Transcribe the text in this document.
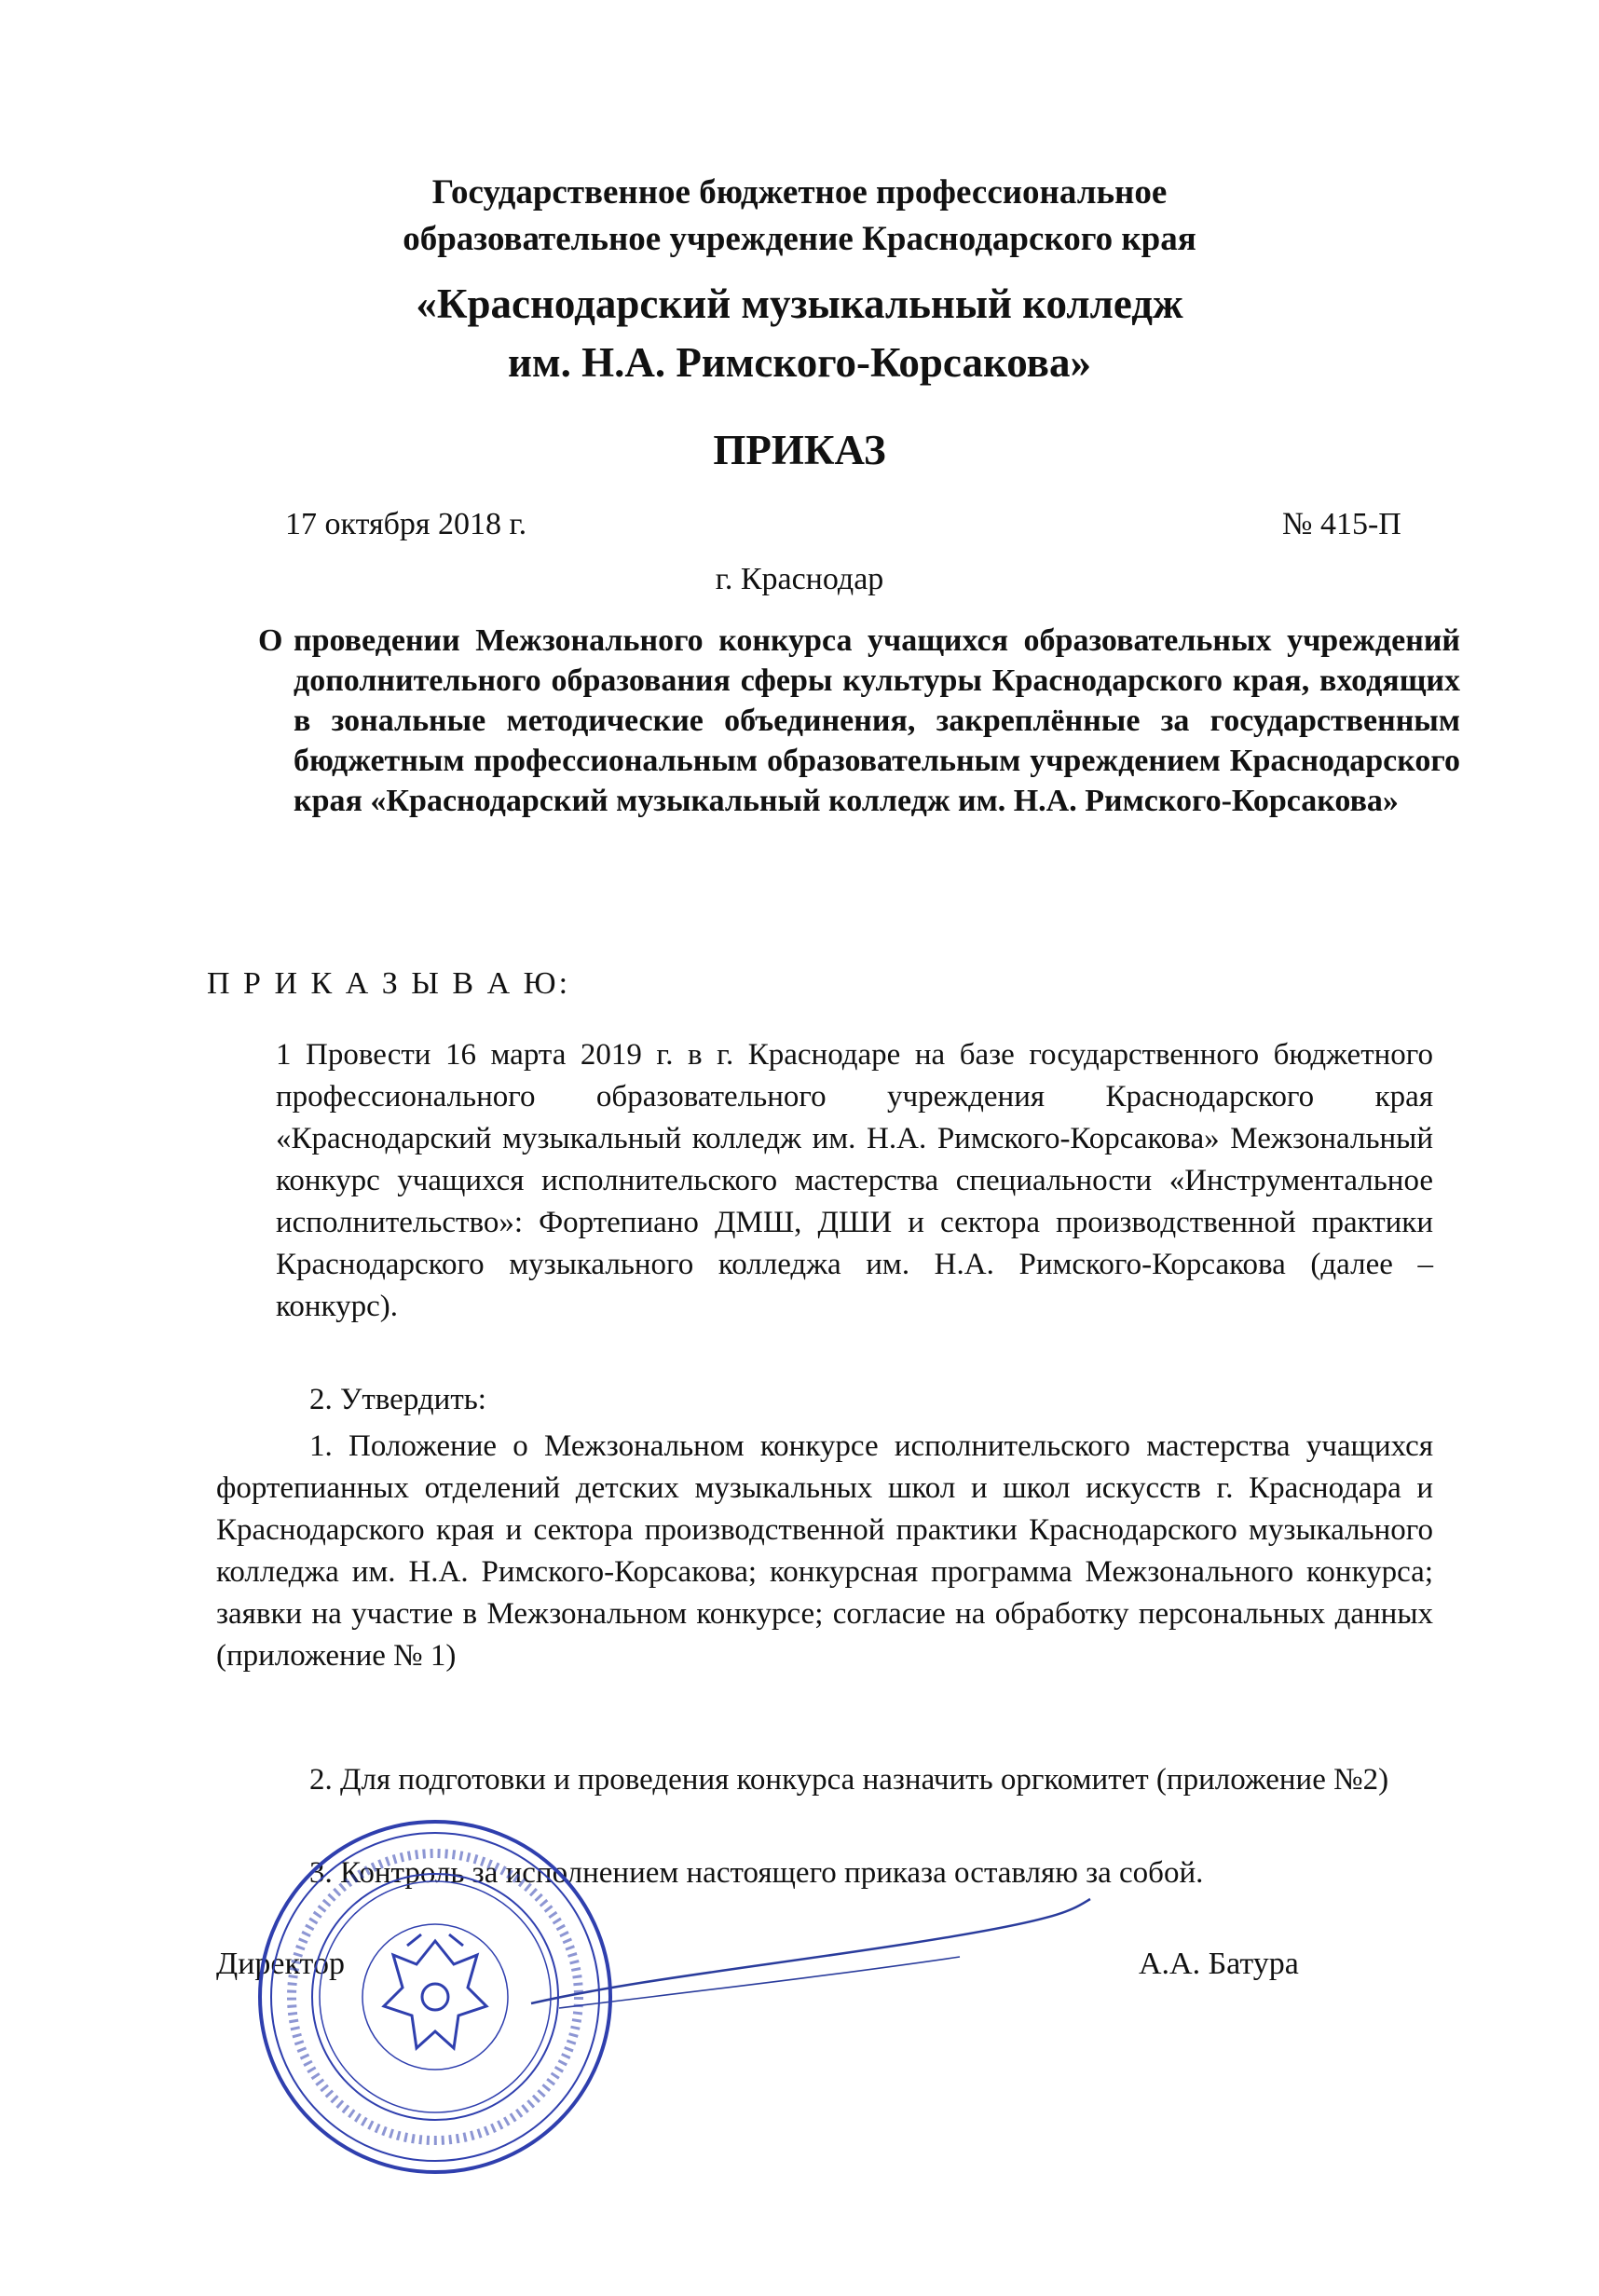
Государственное бюджетное профессиональное

образовательное учреждение Краснодарского края

«Краснодарский музыкальный колледж

им. Н.А. Римского-Корсакова»

ПРИКАЗ

17 октября 2018 г.	№ 415-П
г. Краснодар
О проведении Межзонального конкурса учащихся образовательных учреждений дополнительного образования сферы культуры Краснодарского края, входящих в зональные методические объединения, закреплённые за государственным бюджетным профессиональным образовательным учреждением Краснодарского края «Краснодарский музыкальный колледж им. Н.А. Римского-Корсакова»
П Р И К А З Ы В А Ю:

1 Провести 16 марта 2019 г. в г. Краснодаре на базе государственного бюджетного профессионального образовательного учреждения Краснодарского края «Краснодарский музыкальный колледж им. Н.А. Римского-Корсакова» Межзональный конкурс учащихся исполнительского мастерства специальности «Инструментальное исполнительство»: Фортепиано ДМШ, ДШИ и сектора производственной практики Краснодарского музыкального колледжа им. Н.А. Римского-Корсакова (далее – конкурс).

2. Утвердить:

1. Положение о Межзональном конкурсе исполнительского мастерства учащихся фортепианных отделений детских музыкальных школ и школ искусств г. Краснодара и Краснодарского края и сектора производственной практики Краснодарского музыкального колледжа им. Н.А. Римского-Корсакова; конкурсная программа Межзонального конкурса; заявки на участие в Межзональном конкурсе; согласие на обработку персональных данных (приложение № 1)

2. Для подготовки и проведения конкурса назначить оргкомитет (приложение №2)

3. Контроль за исполнением настоящего приказа оставляю за собой.

Директор	А.А. Батура
